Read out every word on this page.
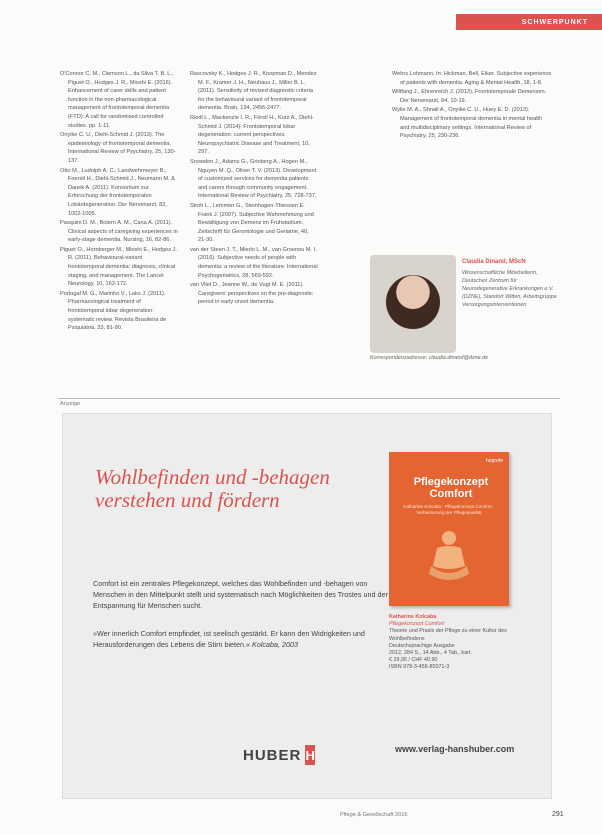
SCHWERPUNKT

O'Connor C. M., Clemson L., da Silva T. B. L., Piguet O., Hodges J. R., Mioshi E. (2016). Enhancement of carer skills and patient function in the non-pharmacological management of frontotemporal dementia (FTD): A call for randomised controlled studies. pp. 1-11.

Onyike C. U., Diehl-Schmid J. (2013). The epidemiology of frontotemporal dementia. International Review of Psychiatry, 25, 130-137.

Otto M., Ludolph A. C., Landwehrmeyer B., Foerstl H., Diehl-Schmid J., Neumann M. & Danek A. (2011). Konsortium zur Erforschung der frontotemporalen Lobärdegeneration. Der Nervenarzt, 82, 1002-1005.

Pasquini D. M., Botero A. M., Cana A. (2011). Clinical aspects of caregiving experiences in early-stage dementia. Nursing, 16, 82-86.

Piguet O., Hornberger M., Mioshi E., Hodges J. R. (2011). Behavioural-variant frontotemporal dementia: diagnosis, clinical staging, and management. The Lancet Neurology, 10, 162-172.

Portugal M. G., Marinho V., Laks J. (2011). Pharmacological treatment of frontotemporal lobar degeneration: systematic review. Revista Brasileira de Psiquiatria, 33, 81-90.

Rascovsky K., Hodges J. R., Knopman D., Mendez M. F., Kramer J. H., Neuhaus J., Miller B. L. (2011). Sensitivity of revised diagnostic criteria for the behavioural variant of frontotemporal dementia. Brain, 134, 2456-2477.

Riedl L., Mackenzie I. R., Förstl H., Kurz A., Diehl-Schmid J. (2014). Frontotemporal lobar degeneration: current perspectives. Neuropsychiatric Disease and Treatment, 10, 297.

Snowden J., Adams G., Grinberg A., Hogen M., Nguyen M. Q., Oliver T. V. (2013). Development of customized services for dementia patients and carers through community engagement. International Review of Psychiatry, 25, 728-737.

Stroh L., Lemmler G., Steinhagen-Thiessen E. Frank J. (2007). Subjective Wahrnehmung und Bewältigung von Demenz im Frühstadium. Zeitschrift für Gerontologie und Geriatrie, 40, 21-30.

van der Steen J. T., Mierlo L. M., van Groenou M. I. (2016). Subjective needs of people with dementia: a review of the literature. International Psychogeriatrics, 28, 569-592.

van Vliet D., Jeanne W., de Vugt M. E. (2011). Caregivers' perspectives on the pre-diagnostic period in early onset dementia.

Wehrs Lohmann. In: Hickman, Bell, Eiker. Subjective experience of patients with dementia. Aging & Mental Health, 18, 1-8.

Wiltfang J., Ehrenreich J. (2013). Frontotemporale Demenzen. Der Nervenarzt, 84, 10-19.

Wylie M. A., Shnall A., Onyike C. U., Huey E. D. (2013). Management of frontotemporal dementia in mental health and multidisciplinary settings. International Review of Psychiatry, 25, 230-236.

Claudia Dinand, MScN
Wissenschaftliche Mitarbeiterin, Deutsches Zentrum für Neurodegenerative Erkrankungen e.V. (DZNE), Standort Witten, Arbeitsgruppe Versorgungsinterventionen
Korrespondenzadresse: claudia.dinand@dzne.de
Anzeige
Wohlbefinden und -behagen verstehen und fördern
Comfort ist ein zentrales Pflegekonzept, welches das Wohlbefinden und -behagen von Menschen in den Mittelpunkt stellt und systematisch nach Möglichkeiten des Trostes und der Entspannung für Menschen sucht.
»Wer innerlich Comfort empfindet, ist seelisch gestärkt. Er kann den Widrigkeiten und Herausforderungen des Lebens die Stirn bieten.« Kolcaba, 2003
hogrefe
Pflegekonzept Comfort
Katharine Kolcaba · Pflegekonzept Comfort · Verbesserung der Pflegequalität
Katharine Kolcaba
Pflegekonzept Comfort
Theorie und Praxis der Pflege zu einer Kultur des Wohlbefindens
Deutschsprachige Ausgabe
2012, 284 S., 14 Abb., 4 Tab., kart.
€ 29,95 / CHF 40.90
ISBN 978-3-456-85071-3
HUBER H	www.verlag-hanshuber.com
Pflege & Gesellschaft 2016	291
